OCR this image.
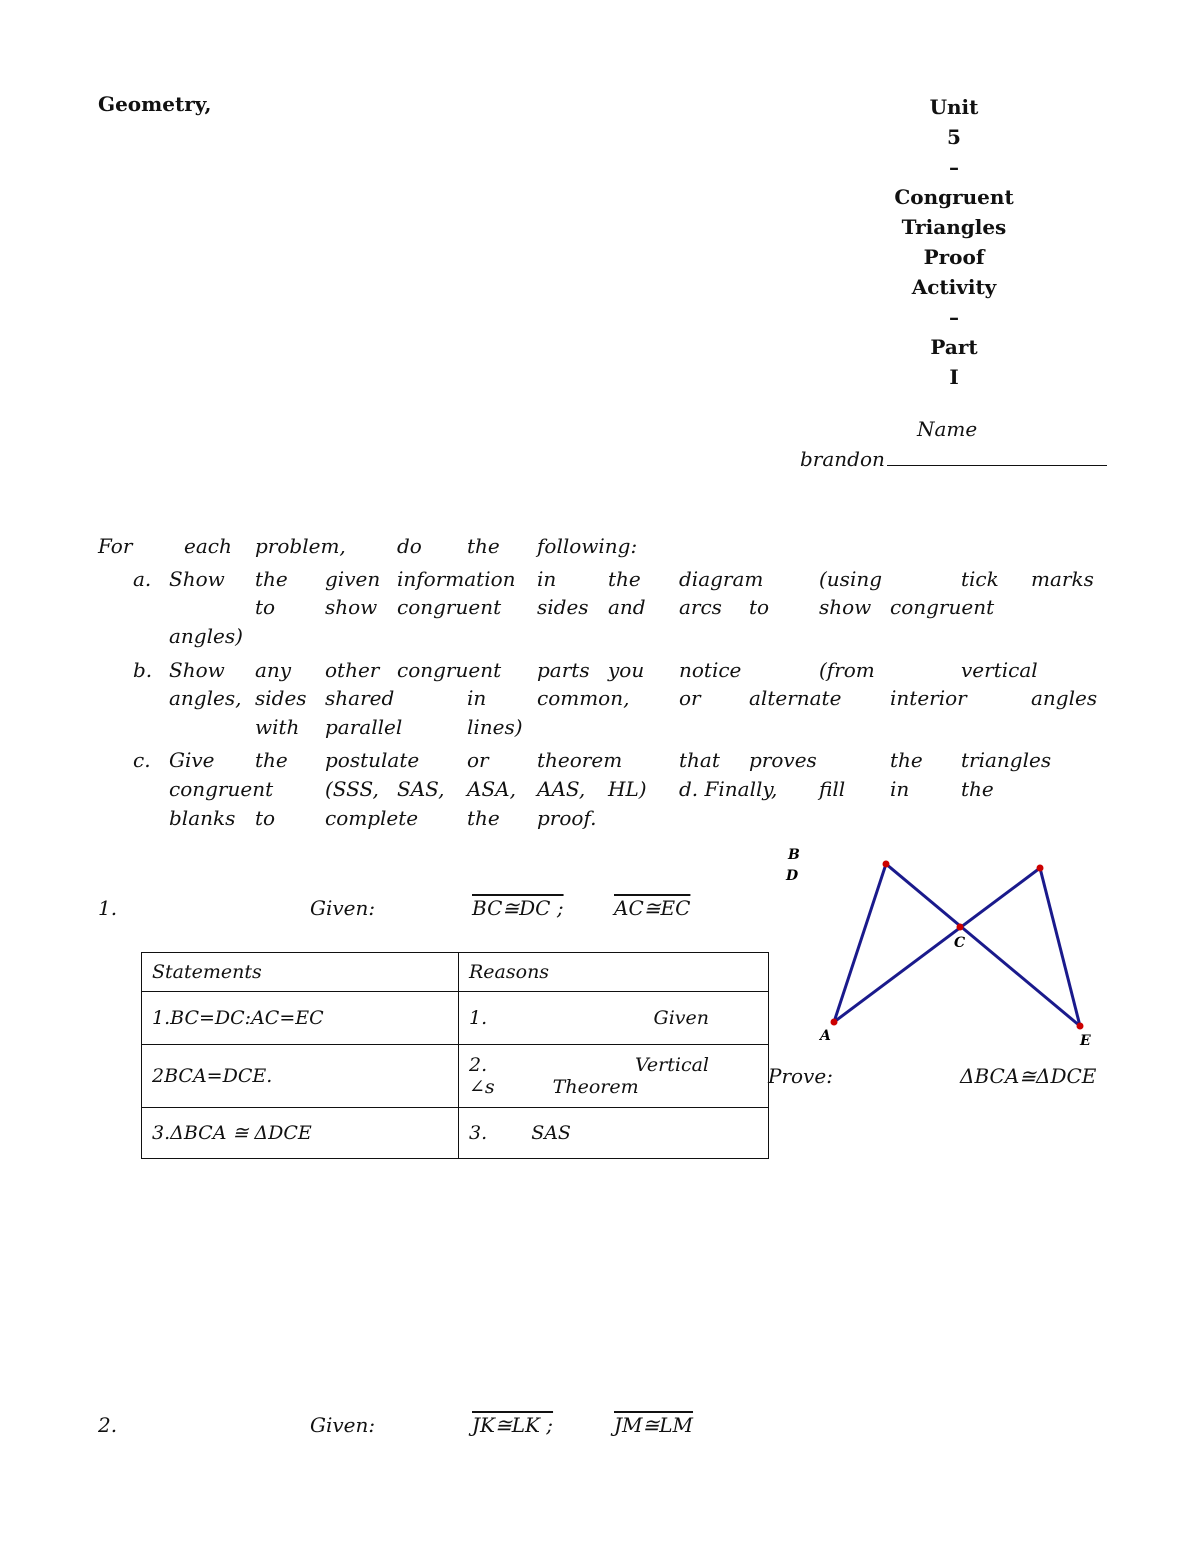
Geometry,	Unit
5
–
Congruent
Triangles
Proof
Activity
–
Part
I
Name
brandon
For	each problem,	do the following:
a. Show the given information in	the diagram	(using	tick marks
to show congruent sides and arcs to show congruent
angles)
b. Show any other congruent parts you notice	(from	vertical
angles, sides shared	in	common, or alternate interior	angles
with parallel	lines)
c. Give the postulate or theorem	that proves	the triangles
congruent	(SSS, SAS, ASA, AAS, HL) d. Finally, fill in	the
blanks to complete the proof.
1.	Given:	BC≅DC ;	AC≅EC
Statements	Reasons
1.BC=DC:AC=EC	1. Given

2BCA=DCE.	2. Vertical
∠s Theorem

3.ΔBCA ≅ ΔDCE	3. SAS
Prove:	ΔBCA≅ΔDCE
B
D
C
A	E
2.	Given:	JK≅LK ;	JM≅LM
